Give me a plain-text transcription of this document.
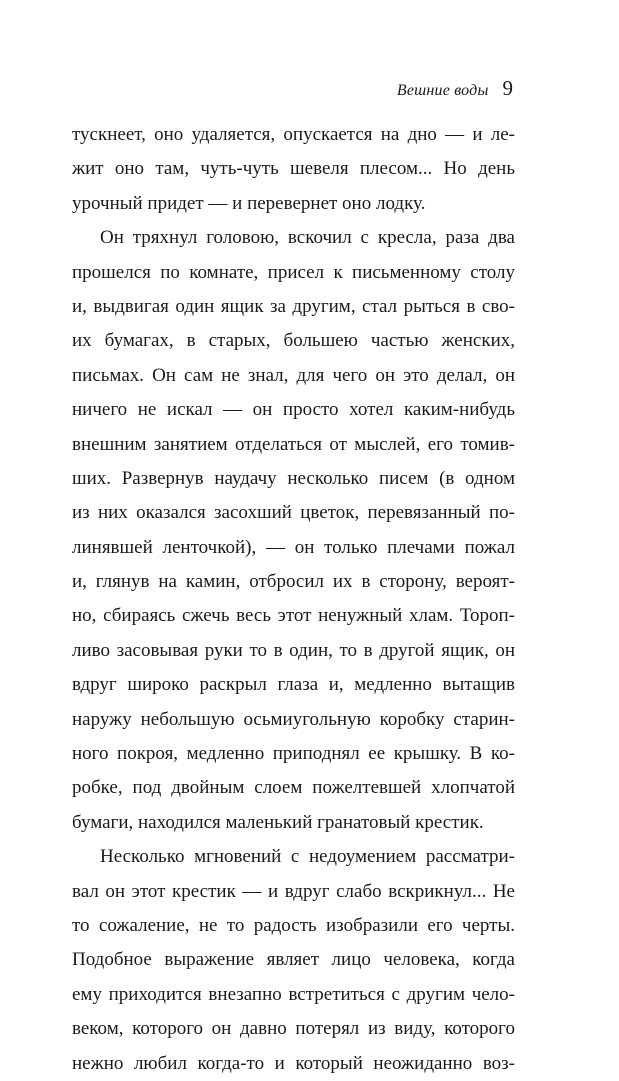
Вешние воды 9
тускнеет, оно удаляется, опускается на дно — и ле-
жит оно там, чуть-чуть шевеля плесом... Но день
урочный придет — и перевернет оно лодку.
Он тряхнул головою, вскочил с кресла, раза два
прошелся по комнате, присел к письменному столу
и, выдвигая один ящик за другим, стал рыться в сво-
их бумагах, в старых, большею частью женских,
письмах. Он сам не знал, для чего он это делал, он
ничего не искал — он просто хотел каким-нибудь
внешним занятием отделаться от мыслей, его томив-
ших. Развернув наудачу несколько писем (в одном
из них оказался засохший цветок, перевязанный по-
линявшей ленточкой), — он только плечами пожал
и, глянув на камин, отбросил их в сторону, вероят-
но, сбираясь сжечь весь этот ненужный хлам. Тороп-
ливо засовывая руки то в один, то в другой ящик, он
вдруг широко раскрыл глаза и, медленно вытащив
наружу небольшую осьмиугольную коробку старин-
ного покроя, медленно приподнял ее крышку. В ко-
робке, под двойным слоем пожелтевшей хлопчатой
бумаги, находился маленький гранатовый крестик.
Несколько мгновений с недоумением рассматри-
вал он этот крестик — и вдруг слабо вскрикнул... Не
то сожаление, не то радость изобразили его черты.
Подобное выражение являет лицо человека, когда
ему приходится внезапно встретиться с другим чело-
веком, которого он давно потерял из виду, которого
нежно любил когда-то и который неожиданно воз-
